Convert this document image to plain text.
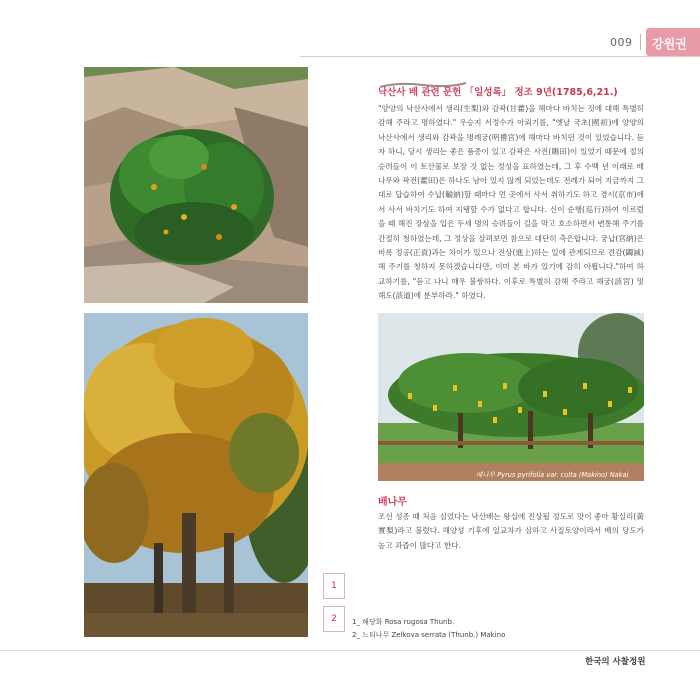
009 강원권
1
2
낙산사 배 관련 문헌 「일성록」 정조 9년(1785,6,21.)
"양양의 낙산사에서 생리(生梨)와 감곽(甘藿)을 해마다 바치는 것에 대해 특별히 감해 주라고 명하였다." 우승지 서정수가 아뢰기를, "옛날 국초(國初)에 양양의 낙산사에서 생리와 감곽을 명례궁(明禮宮)에 해마다 바치던 것이 있었습니다. 듣자 하니, 당시 생리는 좋은 품종이 있고 감곽은 사전(賜田)이 있었기 때문에 절의 승려들이 이 토산물로 보장 것 없는 정성을 표하였는데, 그 후 수백 년 이래로 배나무와 곽전(藿田)은 하나도 남아 있지 않게 되었는데도 전례가 되어 지금까지 그대로 답습하여 수납(輸納)할 때마다 먼 곳에서 사서 취하기도 하고 경시(京市)에서 사서 바치기도 하여 지탱할 수가 없다고 합니다. 신이 순행(巡行)하여 이르렀을 때 해진 장삼을 입은 두세 명의 승려들이 길을 막고 호소하면서 변통해 주기를 간절히 청하였는데, 그 정상을 살펴보면 참으로 대단히 측은합니다. 궁납(宮納)은 비록 정공(正貢)과는 차이가 있으나 진상(進上)하는 일에 관계되므로 견감(蠲減)해 주기를 청하지 못하겠습니다만, 이미 본 바가 있기에 감히 아룁니다."하여 하교하기를, "듣고 나니 매우 불쌍하다. 이후로 특별히 감해 주라고 해궁(該宮) 및 해도(該道)에 분부하라." 하였다.
배나무 Pyrus pyrifolia var. culta (Makino) Nakai
배나무
조선 성종 때 처음 심었다는 낙산배는 왕실에 진상될 정도로 맛이 좋아 황실리(黃實梨)라고 불렸다. 해양성 기후에 일교차가 심하고 사질토양이라서 배의 당도가 높고 과즙이 많다고 한다.
1_ 해당화 Rosa rugosa Thunb.
2_ 느티나무 Zelkova serrata (Thunb.) Makino
한국의 사찰정원
